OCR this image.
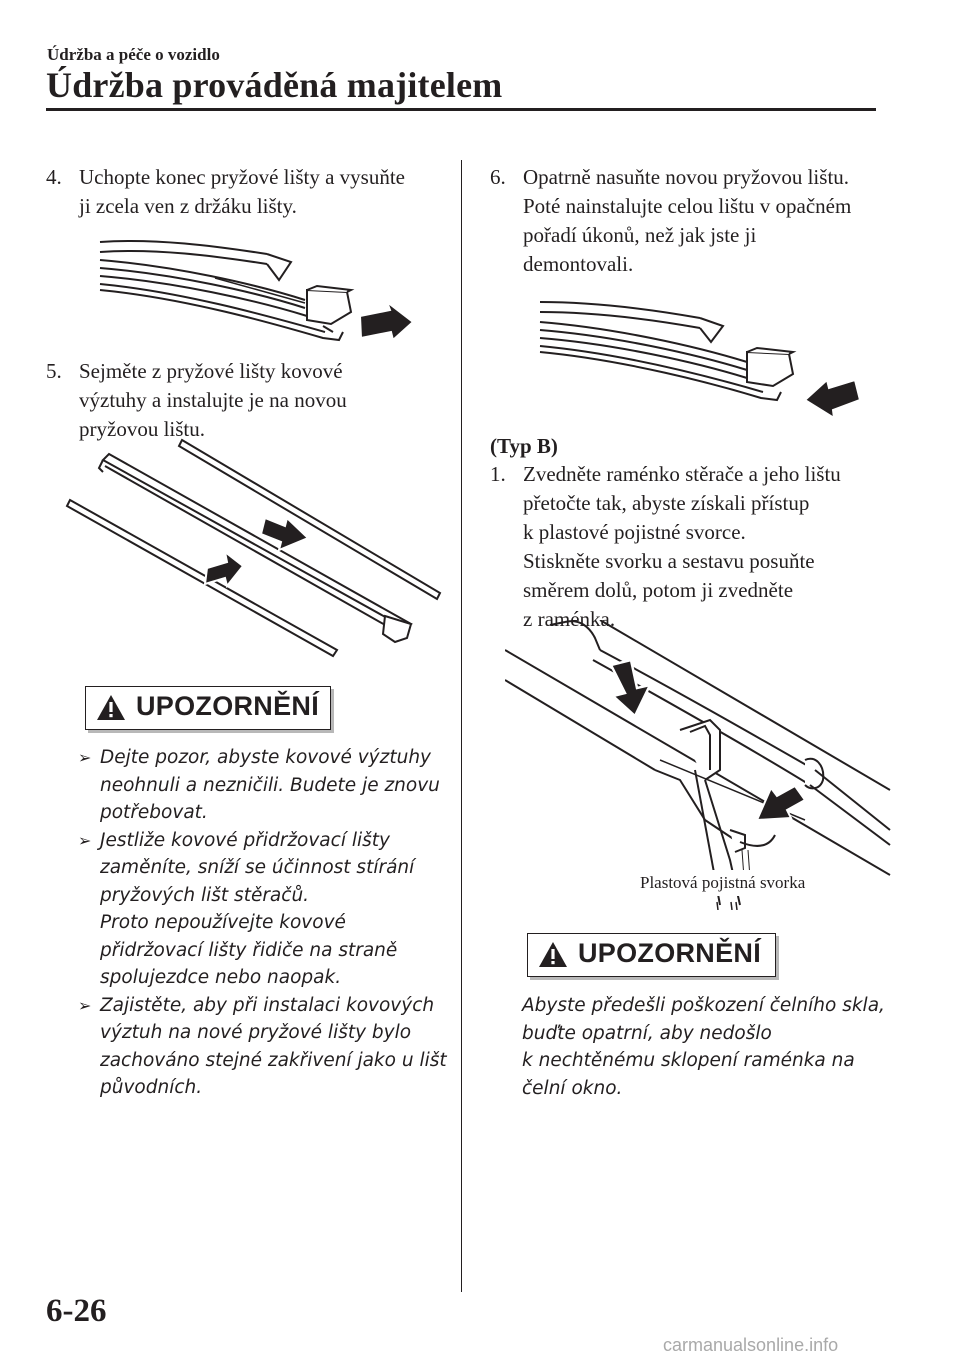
Údržba a péče o vozidlo
Údržba prováděná majitelem
4. Uchopte konec pryžové lišty a vysuňte
ji zcela ven z držáku lišty.
5. Sejměte z pryžové lišty kovové
výztuhy a instalujte je na novou
pryžovou lištu.
UPOZORNĚNÍ
➢ Dejte pozor, abyste kovové výztuhy
neohnuli a nezničili. Budete je znovu
potřebovat.
➢ Jestliže kovové přidržovací lišty
zaměníte, sníží se účinnost stírání
pryžových lišt stěračů.
Proto nepoužívejte kovové
přidržovací lišty řidiče na straně
spolujezdce nebo naopak.
➢ Zajistěte, aby při instalaci kovových
výztuh na nové pryžové lišty bylo
zachováno stejné zakřivení jako u lišt
původních.
6. Opatrně nasuňte novou pryžovou lištu.
Poté nainstalujte celou lištu v opačném
pořadí úkonů, než jak jste ji
demontovali.
(Typ B)
1. Zvedněte raménko stěrače a jeho lištu
přetočte tak, abyste získali přístup
k plastové pojistné svorce.
Stiskněte svorku a sestavu posuňte
směrem dolů, potom ji zvedněte
z raménka.
Plastová pojistná svorka
UPOZORNĚNÍ
Abyste předešli poškození čelního skla,
buďte opatrní, aby nedošlo
k nechtěnému sklopení raménka na
čelní okno.
6-26
carmanualsonline.info
